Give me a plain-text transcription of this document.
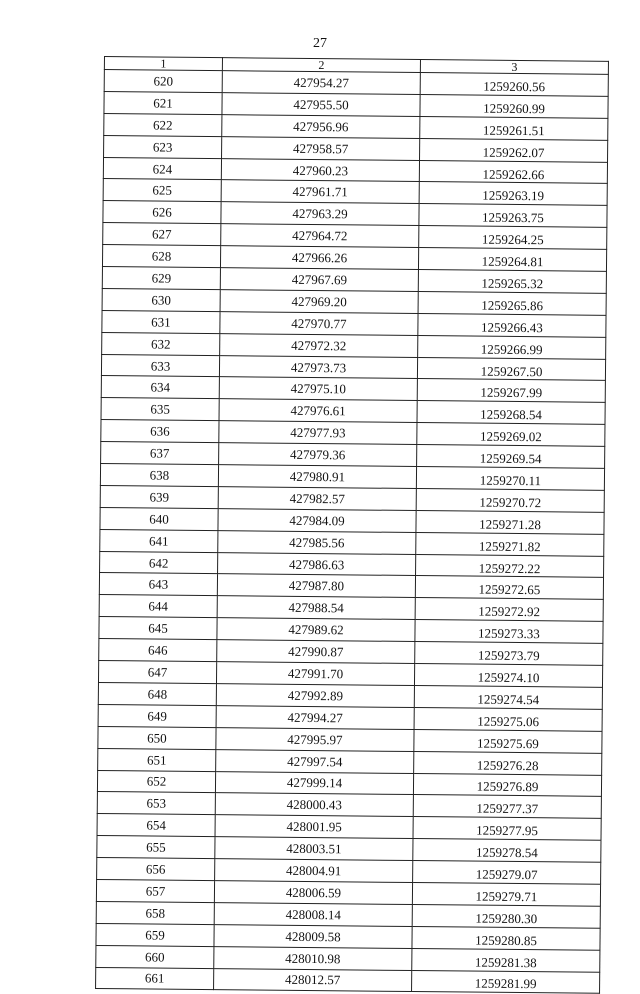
27
1	2	3
620	427954.27	1259260.56
621	427955.50	1259260.99
622	427956.96	1259261.51
623	427958.57	1259262.07
624	427960.23	1259262.66
625	427961.71	1259263.19
626	427963.29	1259263.75
627	427964.72	1259264.25
628	427966.26	1259264.81
629	427967.69	1259265.32
630	427969.20	1259265.86
631	427970.77	1259266.43
632	427972.32	1259266.99
633	427973.73	1259267.50
634	427975.10	1259267.99
635	427976.61	1259268.54
636	427977.93	1259269.02
637	427979.36	1259269.54
638	427980.91	1259270.11
639	427982.57	1259270.72
640	427984.09	1259271.28
641	427985.56	1259271.82
642	427986.63	1259272.22
643	427987.80	1259272.65
644	427988.54	1259272.92
645	427989.62	1259273.33
646	427990.87	1259273.79
647	427991.70	1259274.10
648	427992.89	1259274.54
649	427994.27	1259275.06
650	427995.97	1259275.69
651	427997.54	1259276.28
652	427999.14	1259276.89
653	428000.43	1259277.37
654	428001.95	1259277.95
655	428003.51	1259278.54
656	428004.91	1259279.07
657	428006.59	1259279.71
658	428008.14	1259280.30
659	428009.58	1259280.85
660	428010.98	1259281.38
661	428012.57	1259281.99
